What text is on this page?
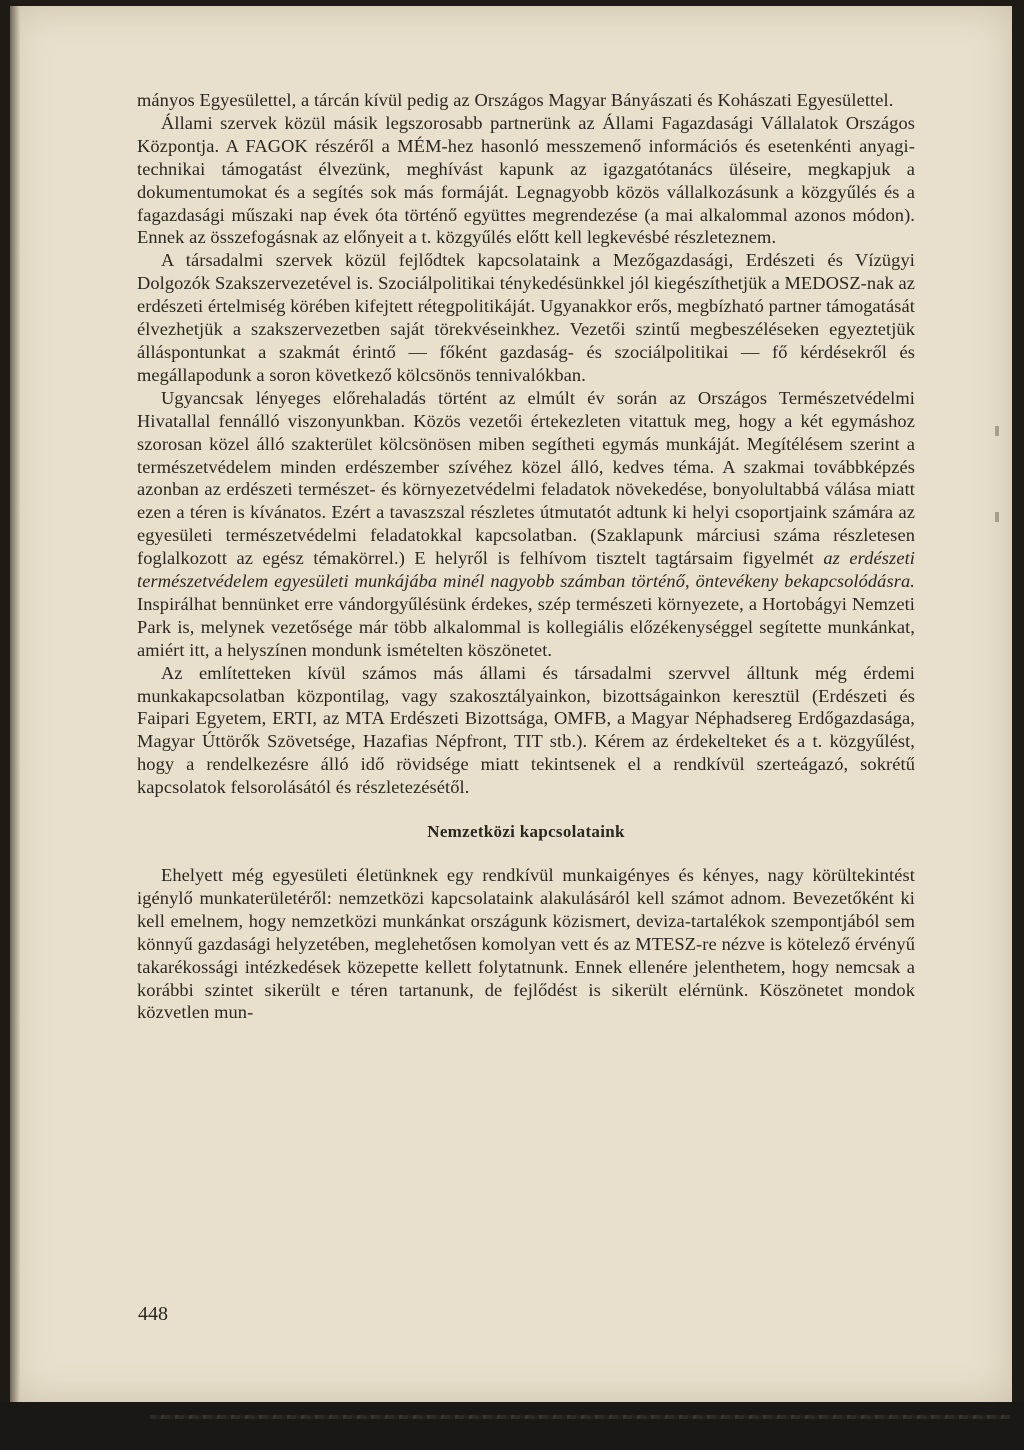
mányos Egyesülettel, a tárcán kívül pedig az Országos Magyar Bányászati és Kohászati Egyesülettel.

Állami szervek közül másik legszorosabb partnerünk az Állami Fagazdasági Vállalatok Országos Központja. A FAGOK részéről a MÉM-hez hasonló messzemenő információs és esetenkénti anyagi-technikai támogatást élvezünk, meghívást kapunk az igazgatótanács üléseire, megkapjuk a dokumentumokat és a segítés sok más formáját. Legnagyobb közös vállalkozásunk a közgyűlés és a fagazdasági műszaki nap évek óta történő együttes megrendezése (a mai alkalommal azonos módon). Ennek az összefogásnak az előnyeit a t. közgyűlés előtt kell legkevésbé részleteznem.

A társadalmi szervek közül fejlődtek kapcsolataink a Mezőgazdasági, Erdészeti és Vízügyi Dolgozók Szakszervezetével is. Szociálpolitikai ténykedésünkkel jól kiegészíthetjük a MEDOSZ-nak az erdészeti értelmiség körében kifejtett rétegpolitikáját. Ugyanakkor erős, megbízható partner támogatását élvezhetjük a szakszervezetben saját törekvéseinkhez. Vezetői szintű megbeszéléseken egyeztetjük álláspontunkat a szakmát érintő — főként gazdaság- és szociálpolitikai — fő kérdésekről és megállapodunk a soron következő kölcsönös tennivalókban.

Ugyancsak lényeges előrehaladás történt az elmúlt év során az Országos Természetvédelmi Hivatallal fennálló viszonyunkban. Közös vezetői értekezleten vitattuk meg, hogy a két egymáshoz szorosan közel álló szakterület kölcsönösen miben segítheti egymás munkáját. Megítélésem szerint a természetvédelem minden erdészember szívéhez közel álló, kedves téma. A szakmai továbbképzés azonban az erdészeti természet- és környezetvédelmi feladatok növekedése, bonyolultabbá válása miatt ezen a téren is kívánatos. Ezért a tavaszszal részletes útmutatót adtunk ki helyi csoportjaink számára az egyesületi természetvédelmi feladatokkal kapcsolatban. (Szaklapunk márciusi száma részletesen foglalkozott az egész témakörrel.) E helyről is felhívom tisztelt tagtársaim figyelmét az erdészeti természetvédelem egyesületi munkájába minél nagyobb számban történő, öntevékeny bekapcsolódásra. Inspirálhat bennünket erre vándorgyűlésünk érdekes, szép természeti környezete, a Hortobágyi Nemzeti Park is, melynek vezetősége már több alkalommal is kollegiális előzékenységgel segítette munkánkat, amiért itt, a helyszínen mondunk ismételten köszönetet.

Az említetteken kívül számos más állami és társadalmi szervvel álltunk még érdemi munkakapcsolatban központilag, vagy szakosztályainkon, bizottságainkon keresztül (Erdészeti és Faipari Egyetem, ERTI, az MTA Erdészeti Bizottsága, OMFB, a Magyar Néphadsereg Erdőgazdasága, Magyar Úttörők Szövetsége, Hazafias Népfront, TIT stb.). Kérem az érdekelteket és a t. közgyűlést, hogy a rendelkezésre álló idő rövidsége miatt tekintsenek el a rendkívül szerteágazó, sokrétű kapcsolatok felsorolásától és részletezésétől.

Nemzetközi kapcsolataink

Ehelyett még egyesületi életünknek egy rendkívül munkaigényes és kényes, nagy körültekintést igénylő munkaterületéről: nemzetközi kapcsolataink alakulásáról kell számot adnom. Bevezetőként ki kell emelnem, hogy nemzetközi munkánkat országunk közismert, deviza-tartalékok szempontjából sem könnyű gazdasági helyzetében, meglehetősen komolyan vett és az MTESZ-re nézve is kötelező érvényű takarékossági intézkedések közepette kellett folytatnunk. Ennek ellenére jelenthetem, hogy nemcsak a korábbi szintet sikerült e téren tartanunk, de fejlődést is sikerült elérnünk. Köszönetet mondok közvetlen mun-

448
